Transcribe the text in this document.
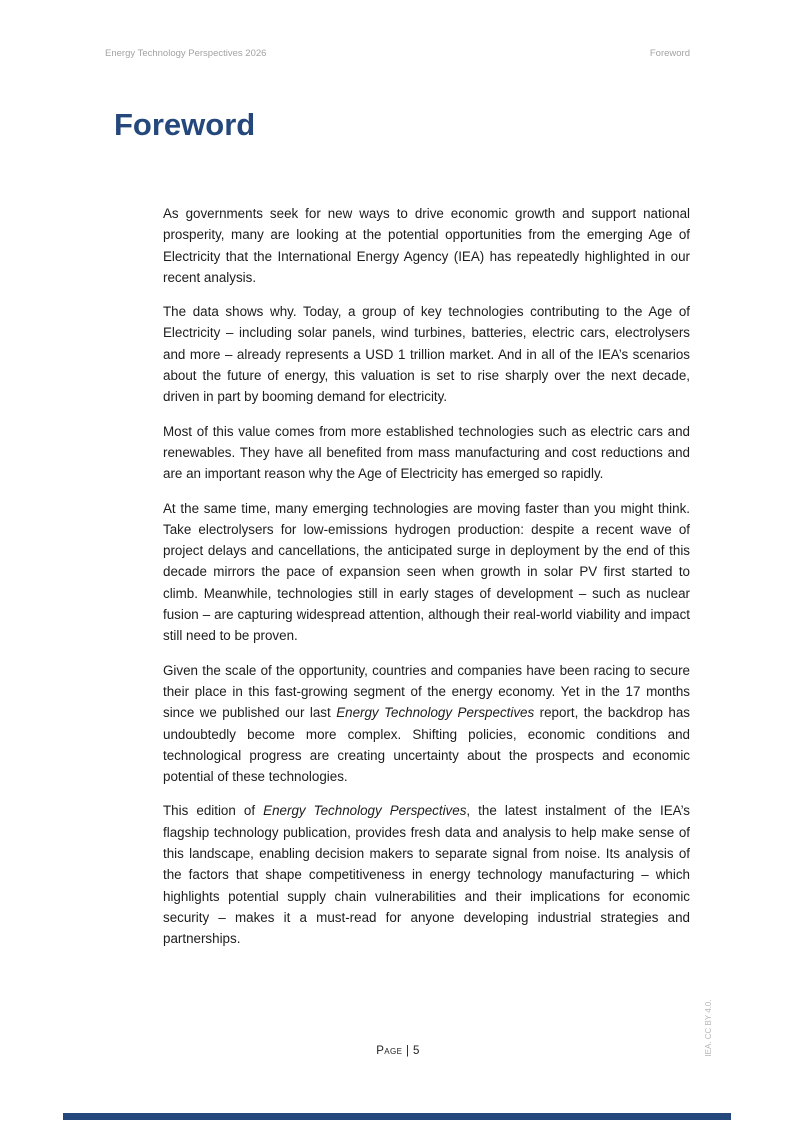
Energy Technology Perspectives 2026	Foreword
Foreword

As governments seek for new ways to drive economic growth and support national prosperity, many are looking at the potential opportunities from the emerging Age of Electricity that the International Energy Agency (IEA) has repeatedly highlighted in our recent analysis.

The data shows why. Today, a group of key technologies contributing to the Age of Electricity – including solar panels, wind turbines, batteries, electric cars, electrolysers and more – already represents a USD 1 trillion market. And in all of the IEA’s scenarios about the future of energy, this valuation is set to rise sharply over the next decade, driven in part by booming demand for electricity.

Most of this value comes from more established technologies such as electric cars and renewables. They have all benefited from mass manufacturing and cost reductions and are an important reason why the Age of Electricity has emerged so rapidly.

At the same time, many emerging technologies are moving faster than you might think. Take electrolysers for low-emissions hydrogen production: despite a recent wave of project delays and cancellations, the anticipated surge in deployment by the end of this decade mirrors the pace of expansion seen when growth in solar PV first started to climb. Meanwhile, technologies still in early stages of development – such as nuclear fusion – are capturing widespread attention, although their real-world viability and impact still need to be proven.

Given the scale of the opportunity, countries and companies have been racing to secure their place in this fast-growing segment of the energy economy. Yet in the 17 months since we published our last Energy Technology Perspectives report, the backdrop has undoubtedly become more complex. Shifting policies, economic conditions and technological progress are creating uncertainty about the prospects and economic potential of these technologies.

This edition of Energy Technology Perspectives, the latest instalment of the IEA’s flagship technology publication, provides fresh data and analysis to help make sense of this landscape, enabling decision makers to separate signal from noise. Its analysis of the factors that shape competitiveness in energy technology manufacturing – which highlights potential supply chain vulnerabilities and their implications for economic security – makes it a must-read for anyone developing industrial strategies and partnerships.

Page | 5	IEA. CC BY 4.0.
